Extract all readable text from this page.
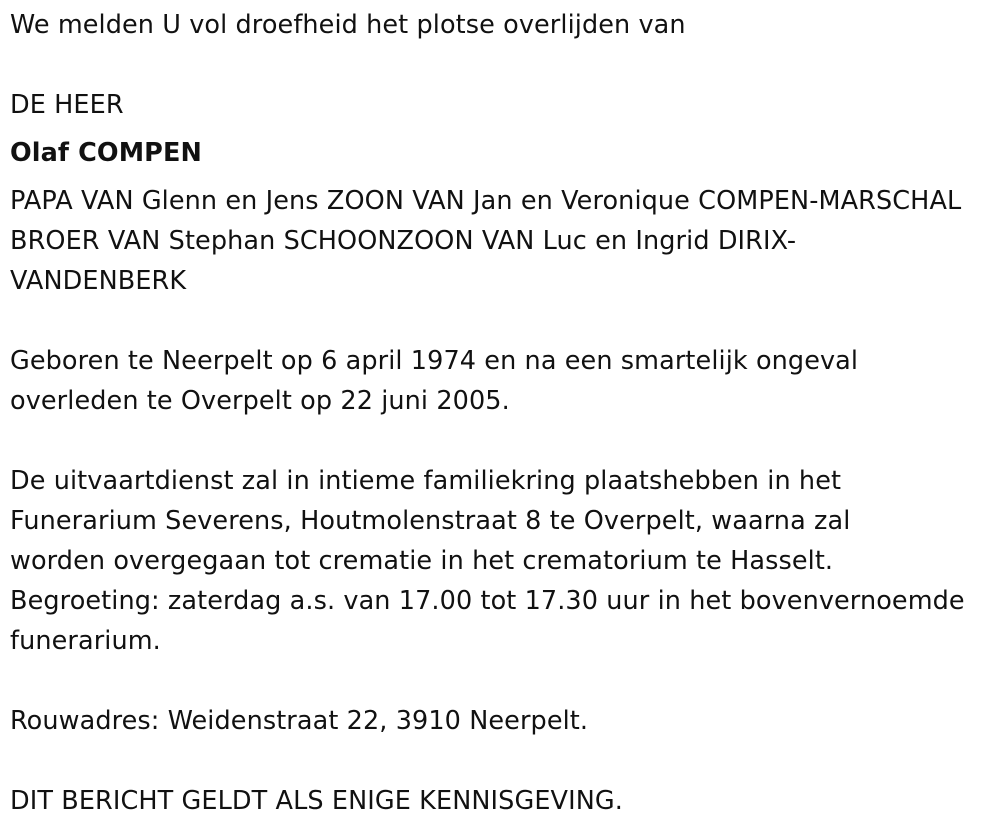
We melden U vol droefheid het plotse overlijden van
DE HEER
Olaf COMPEN
PAPA VAN Glenn en Jens ZOON VAN Jan en Veronique COMPEN-MARSCHAL
BROER VAN Stephan SCHOONZOON VAN Luc en Ingrid DIRIX-
VANDENBERK
Geboren te Neerpelt op 6 april 1974 en na een smartelijk ongeval
overleden te Overpelt op 22 juni 2005.
De uitvaartdienst zal in intieme familiekring plaatshebben in het
Funerarium Severens, Houtmolenstraat 8 te Overpelt, waarna zal
worden overgegaan tot crematie in het crematorium te Hasselt.
Begroeting: zaterdag a.s. van 17.00 tot 17.30 uur in het bovenvernoemde
funerarium.
Rouwadres: Weidenstraat 22, 3910 Neerpelt.
DIT BERICHT GELDT ALS ENIGE KENNISGEVING.
